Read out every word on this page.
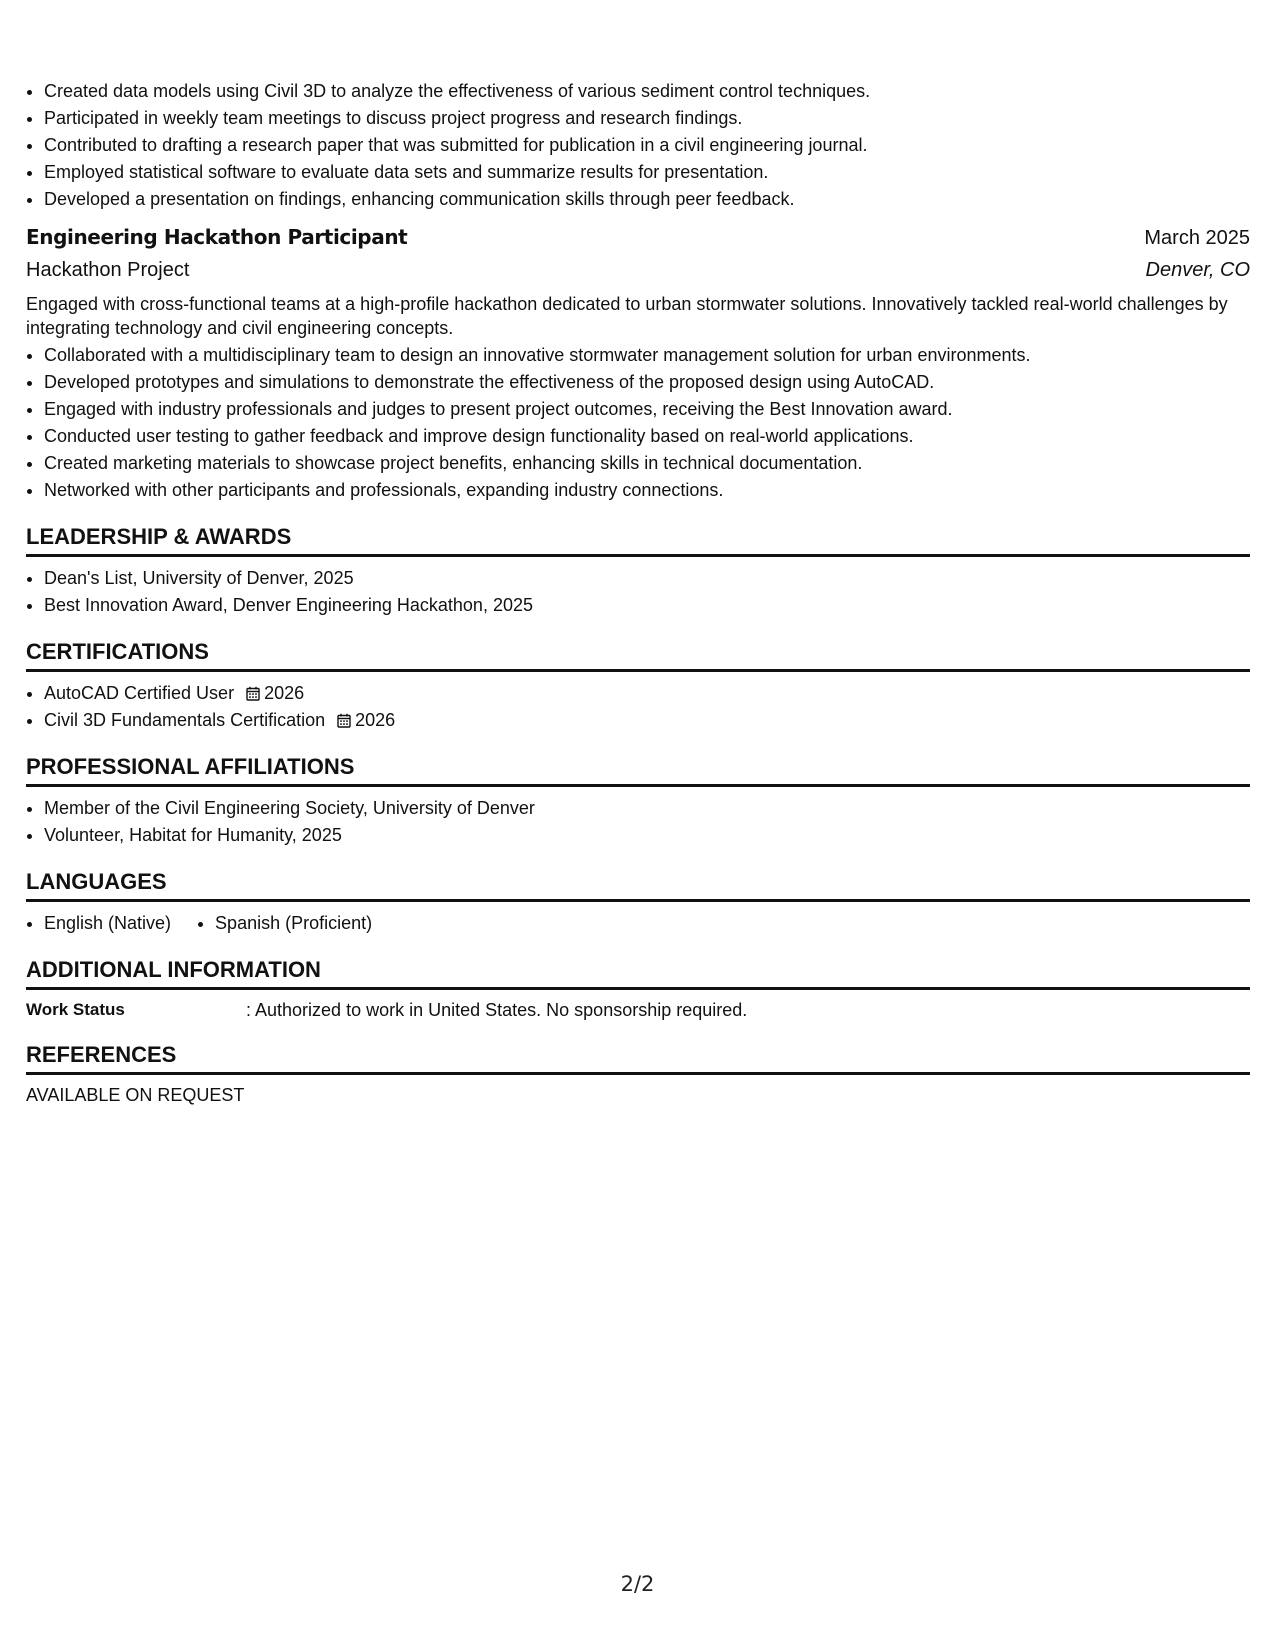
• Created data models using Civil 3D to analyze the effectiveness of various sediment control techniques.
• Participated in weekly team meetings to discuss project progress and research findings.
• Contributed to drafting a research paper that was submitted for publication in a civil engineering journal.
• Employed statistical software to evaluate data sets and summarize results for presentation.
• Developed a presentation on findings, enhancing communication skills through peer feedback.
Engineering Hackathon Participant	March 2025
Hackathon Project	Denver, CO
Engaged with cross-functional teams at a high-profile hackathon dedicated to urban stormwater solutions. Innovatively tackled real-world challenges by integrating technology and civil engineering concepts.
• Collaborated with a multidisciplinary team to design an innovative stormwater management solution for urban environments.
• Developed prototypes and simulations to demonstrate the effectiveness of the proposed design using AutoCAD.
• Engaged with industry professionals and judges to present project outcomes, receiving the Best Innovation award.
• Conducted user testing to gather feedback and improve design functionality based on real-world applications.
• Created marketing materials to showcase project benefits, enhancing skills in technical documentation.
• Networked with other participants and professionals, expanding industry connections.
LEADERSHIP & AWARDS
• Dean's List, University of Denver, 2025
• Best Innovation Award, Denver Engineering Hackathon, 2025
CERTIFICATIONS
• AutoCAD Certified User 2026
• Civil 3D Fundamentals Certification 2026
PROFESSIONAL AFFILIATIONS
• Member of the Civil Engineering Society, University of Denver
• Volunteer, Habitat for Humanity, 2025
LANGUAGES
• English (Native)
• Spanish (Proficient)
ADDITIONAL INFORMATION
Work Status	: Authorized to work in United States. No sponsorship required.
REFERENCES
AVAILABLE ON REQUEST
2/2
